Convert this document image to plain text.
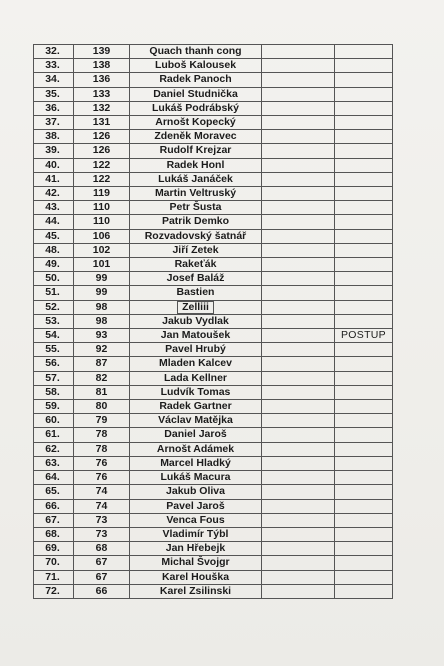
32.	139	Quach thanh cong		
33.	138	Luboš Kalousek		
34.	136	Radek Panoch		
35.	133	Daniel Studnička		
36.	132	Lukáš Podrábský		
37.	131	Arnošt Kopecký		
38.	126	Zdeněk Moravec		
39.	126	Rudolf Krejzar		
40.	122	Radek Honl		
41.	122	Lukáš Janáček		
42.	119	Martin Veltruský		
43.	110	Petr Šusta		
44.	110	Patrik Demko		
45.	106	Rozvadovský šatnář		
48.	102	Jiří Zetek		
49.	101	Rakeťák		
50.	99	Josef Baláž		
51.	99	Bastien		
52.	98	Zelliii		
53.	98	Jakub Vydlak		
54.	93	Jan Matoušek		POSTUP
55.	92	Pavel Hrubý		
56.	87	Mladen Kalcev		
57.	82	Lada Kellner		
58.	81	Ludvík Tomas		
59.	80	Radek Gartner		
60.	79	Václav Matějka		
61.	78	Daniel Jaroš		
62.	78	Arnošt Adámek		
63.	76	Marcel Hladký		
64.	76	Lukáš Macura		
65.	74	Jakub Oliva		
66.	74	Pavel Jaroš		
67.	73	Venca Fous		
68.	73	Vladimír Týbl		
69.	68	Jan Hřebejk		
70.	67	Michal Švojgr		
71.	67	Karel Houška		
72.	66	Karel Zsilinski		
